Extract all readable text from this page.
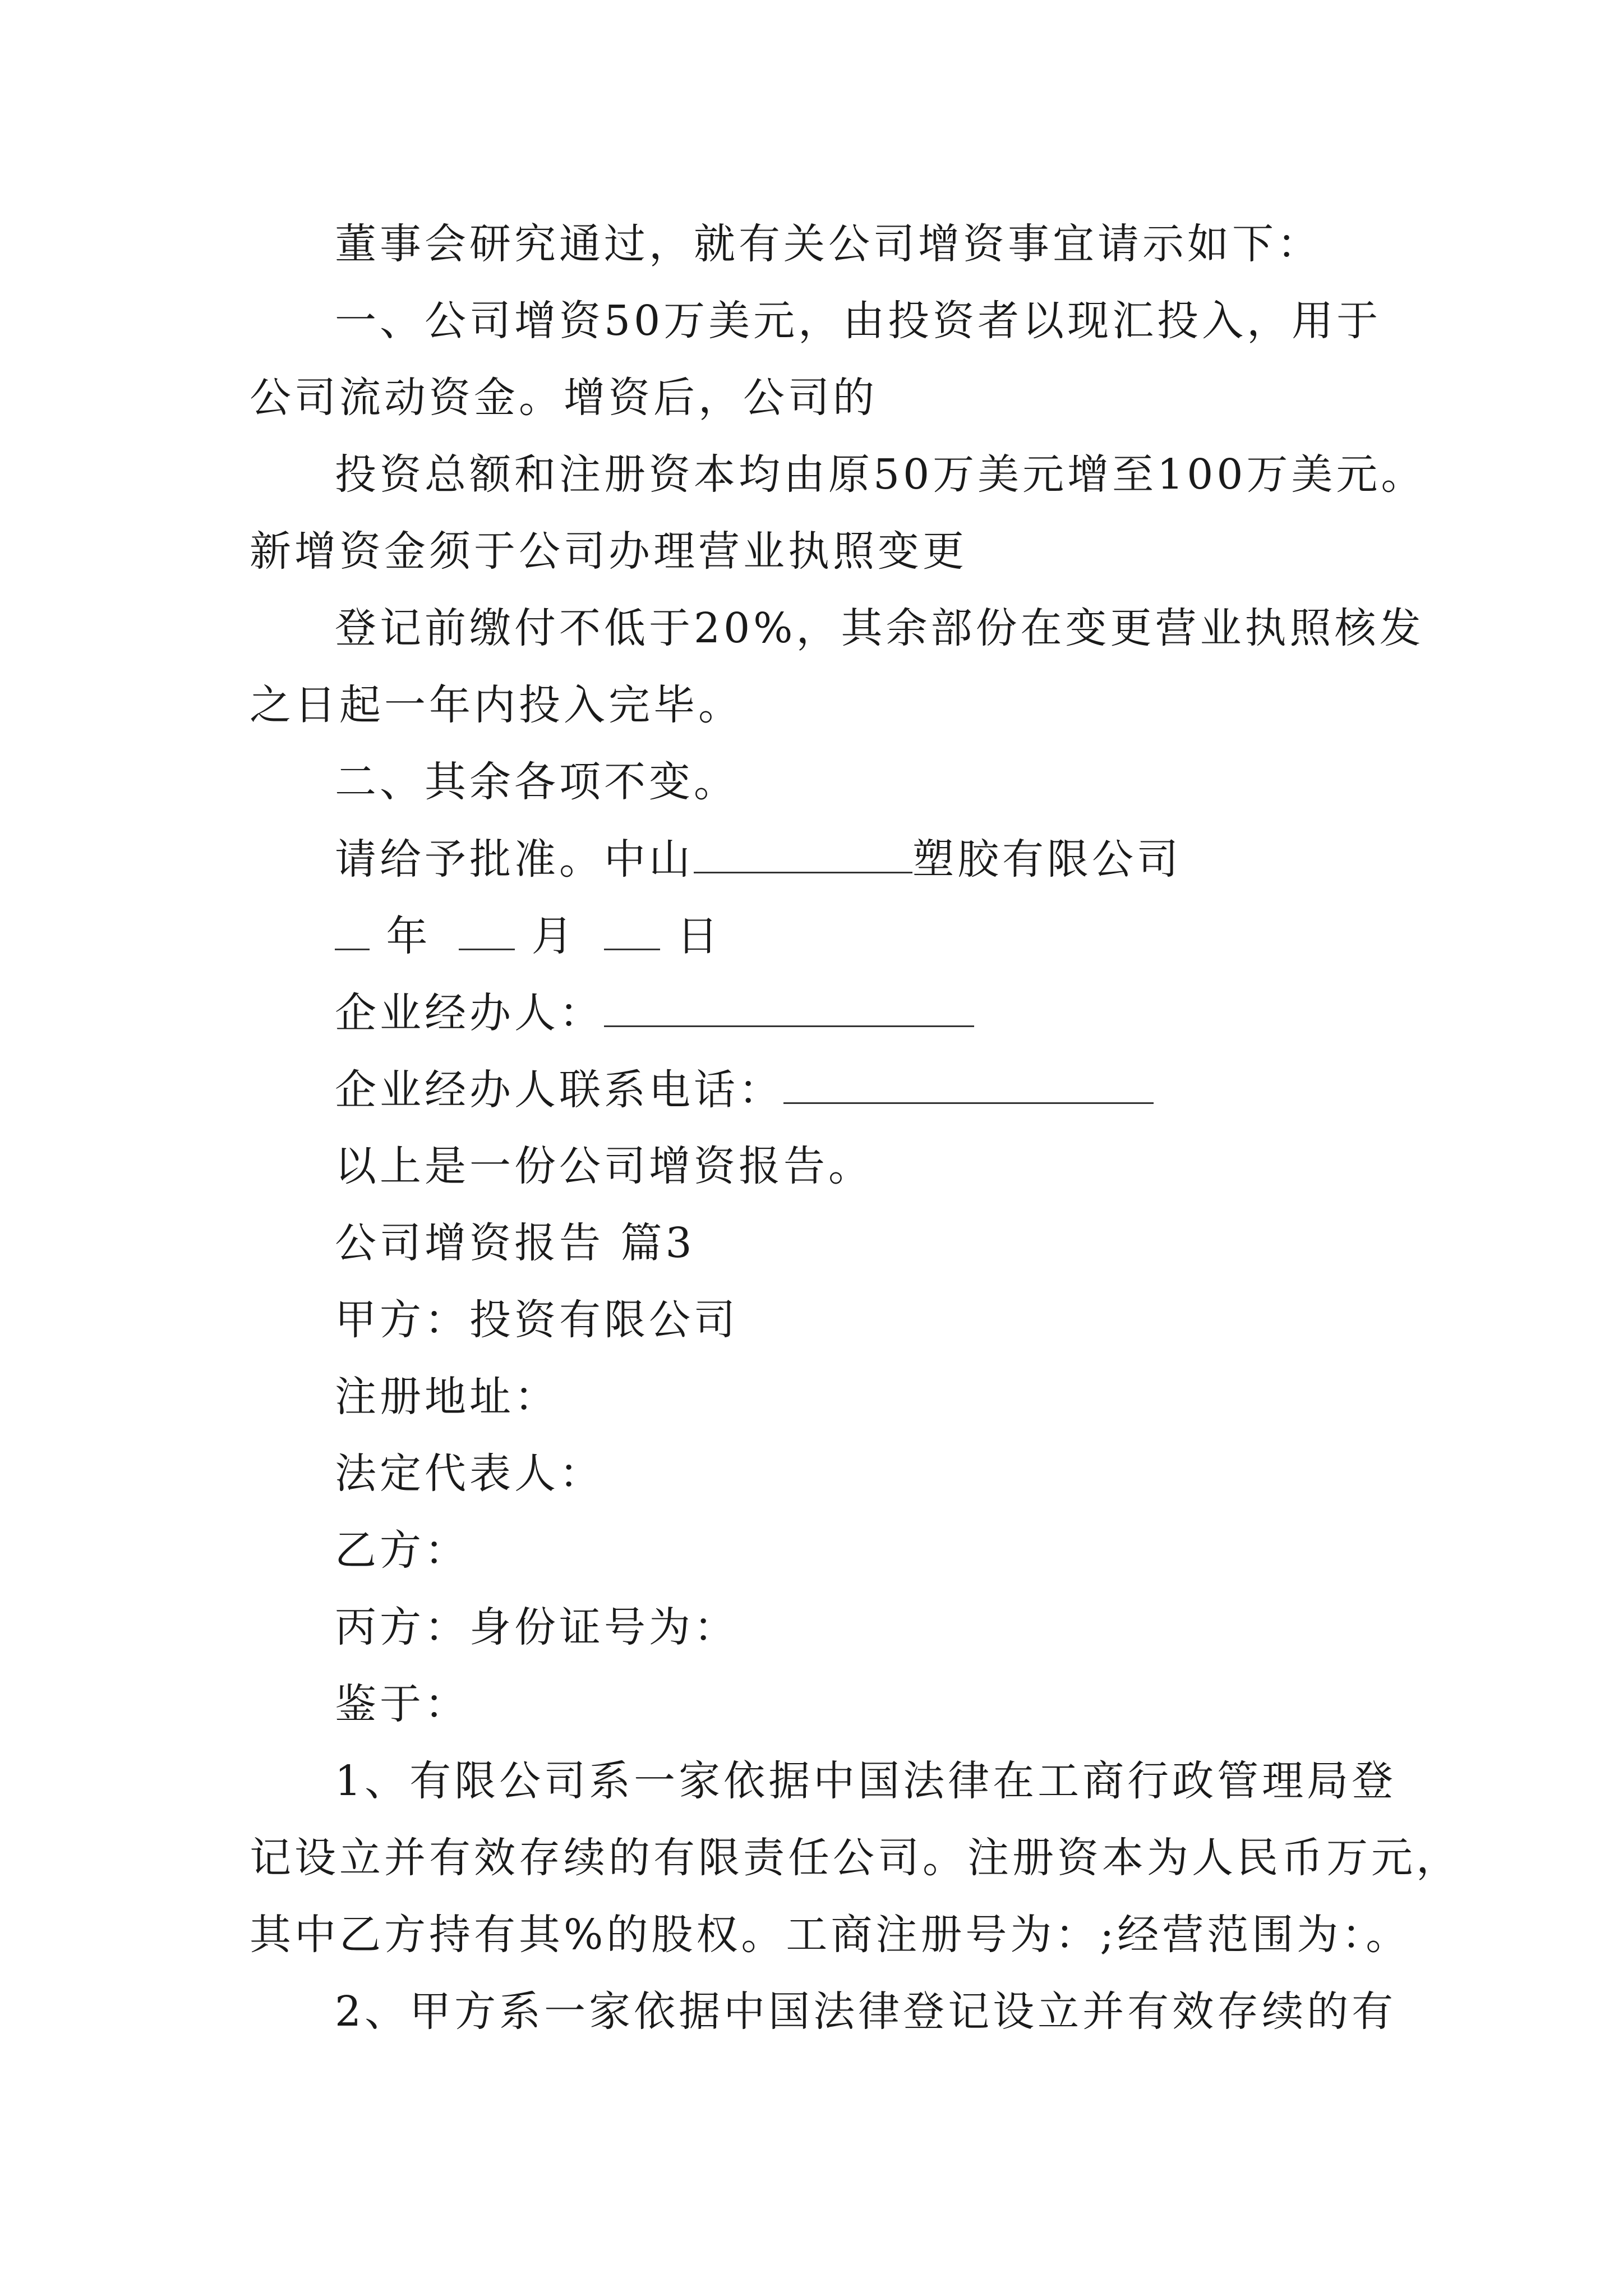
董事会研究通过，就有关公司增资事宜请示如下：
一、公司增资50万美元，由投资者以现汇投入，用于
公司流动资金。增资后，公司的
投资总额和注册资本均由原50万美元增至100万美元。
新增资金须于公司办理营业执照变更
登记前缴付不低于20%，其余部份在变更营业执照核发
之日起一年内投入完毕。
二、其余各项不变。
请给予批准。中山	塑胶有限公司
年 月 日
企业经办人：
企业经办人联系电话：
以上是一份公司增资报告。
公司增资报告 篇3
甲方：投资有限公司
注册地址：
法定代表人：
乙方：
丙方：身份证号为：
鉴于：
1、有限公司系一家依据中国法律在工商行政管理局登
记设立并有效存续的有限责任公司。注册资本为人民币万元，
其中乙方持有其%的股权。工商注册号为：;经营范围为：。
2、甲方系一家依据中国法律登记设立并有效存续的有
